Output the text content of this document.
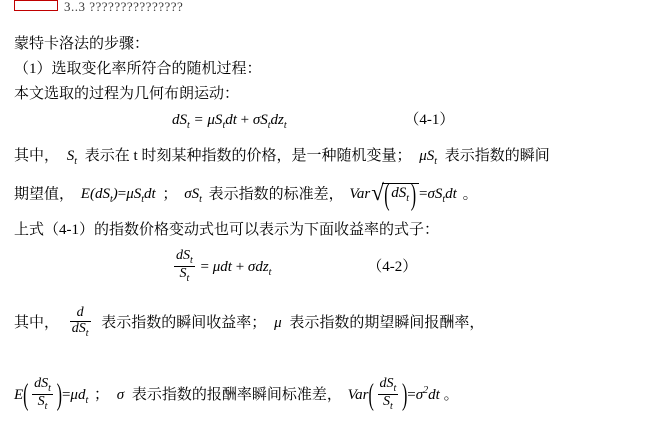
3..3 ???????????????
蒙特卡洛法的步骤：
（1）选取变化率所符合的随机过程：
本文选取的过程为几何布朗运动：
$dS_t = \mu S_tdt + \sigma S_tdz_t$	（4-1）
其中， $S_t$ 表示在 t 时刻某种指数的价格，是一种随机变量； $\mu S_t$ 表示指数的瞬间
期望值， $E(dS_t)=\mu S_tdt$ ； $\sigma S_t$ 表示指数的标准差， Var √ ( $dS_t$ ) $=\sigma S_tdt$ 。
上式（4-1）的指数价格变动式也可以表示为下面收益率的式子：

$\frac{dS_t}{S_t} = \mu dt + \sigma dz_t$	（4-2）
其中， $\frac{d}{dS_t}$ 表示指数的瞬间收益率； μ 表示指数的期望瞬间报酬率，
E ( $\frac{dS_t}{S_t}$
) $=\mu d_t$ ； σ 表示指数的报酬率瞬间标准差， Var ( $\frac{dS_t}{S_t}$
) $=\sigma^2dt$ 。
